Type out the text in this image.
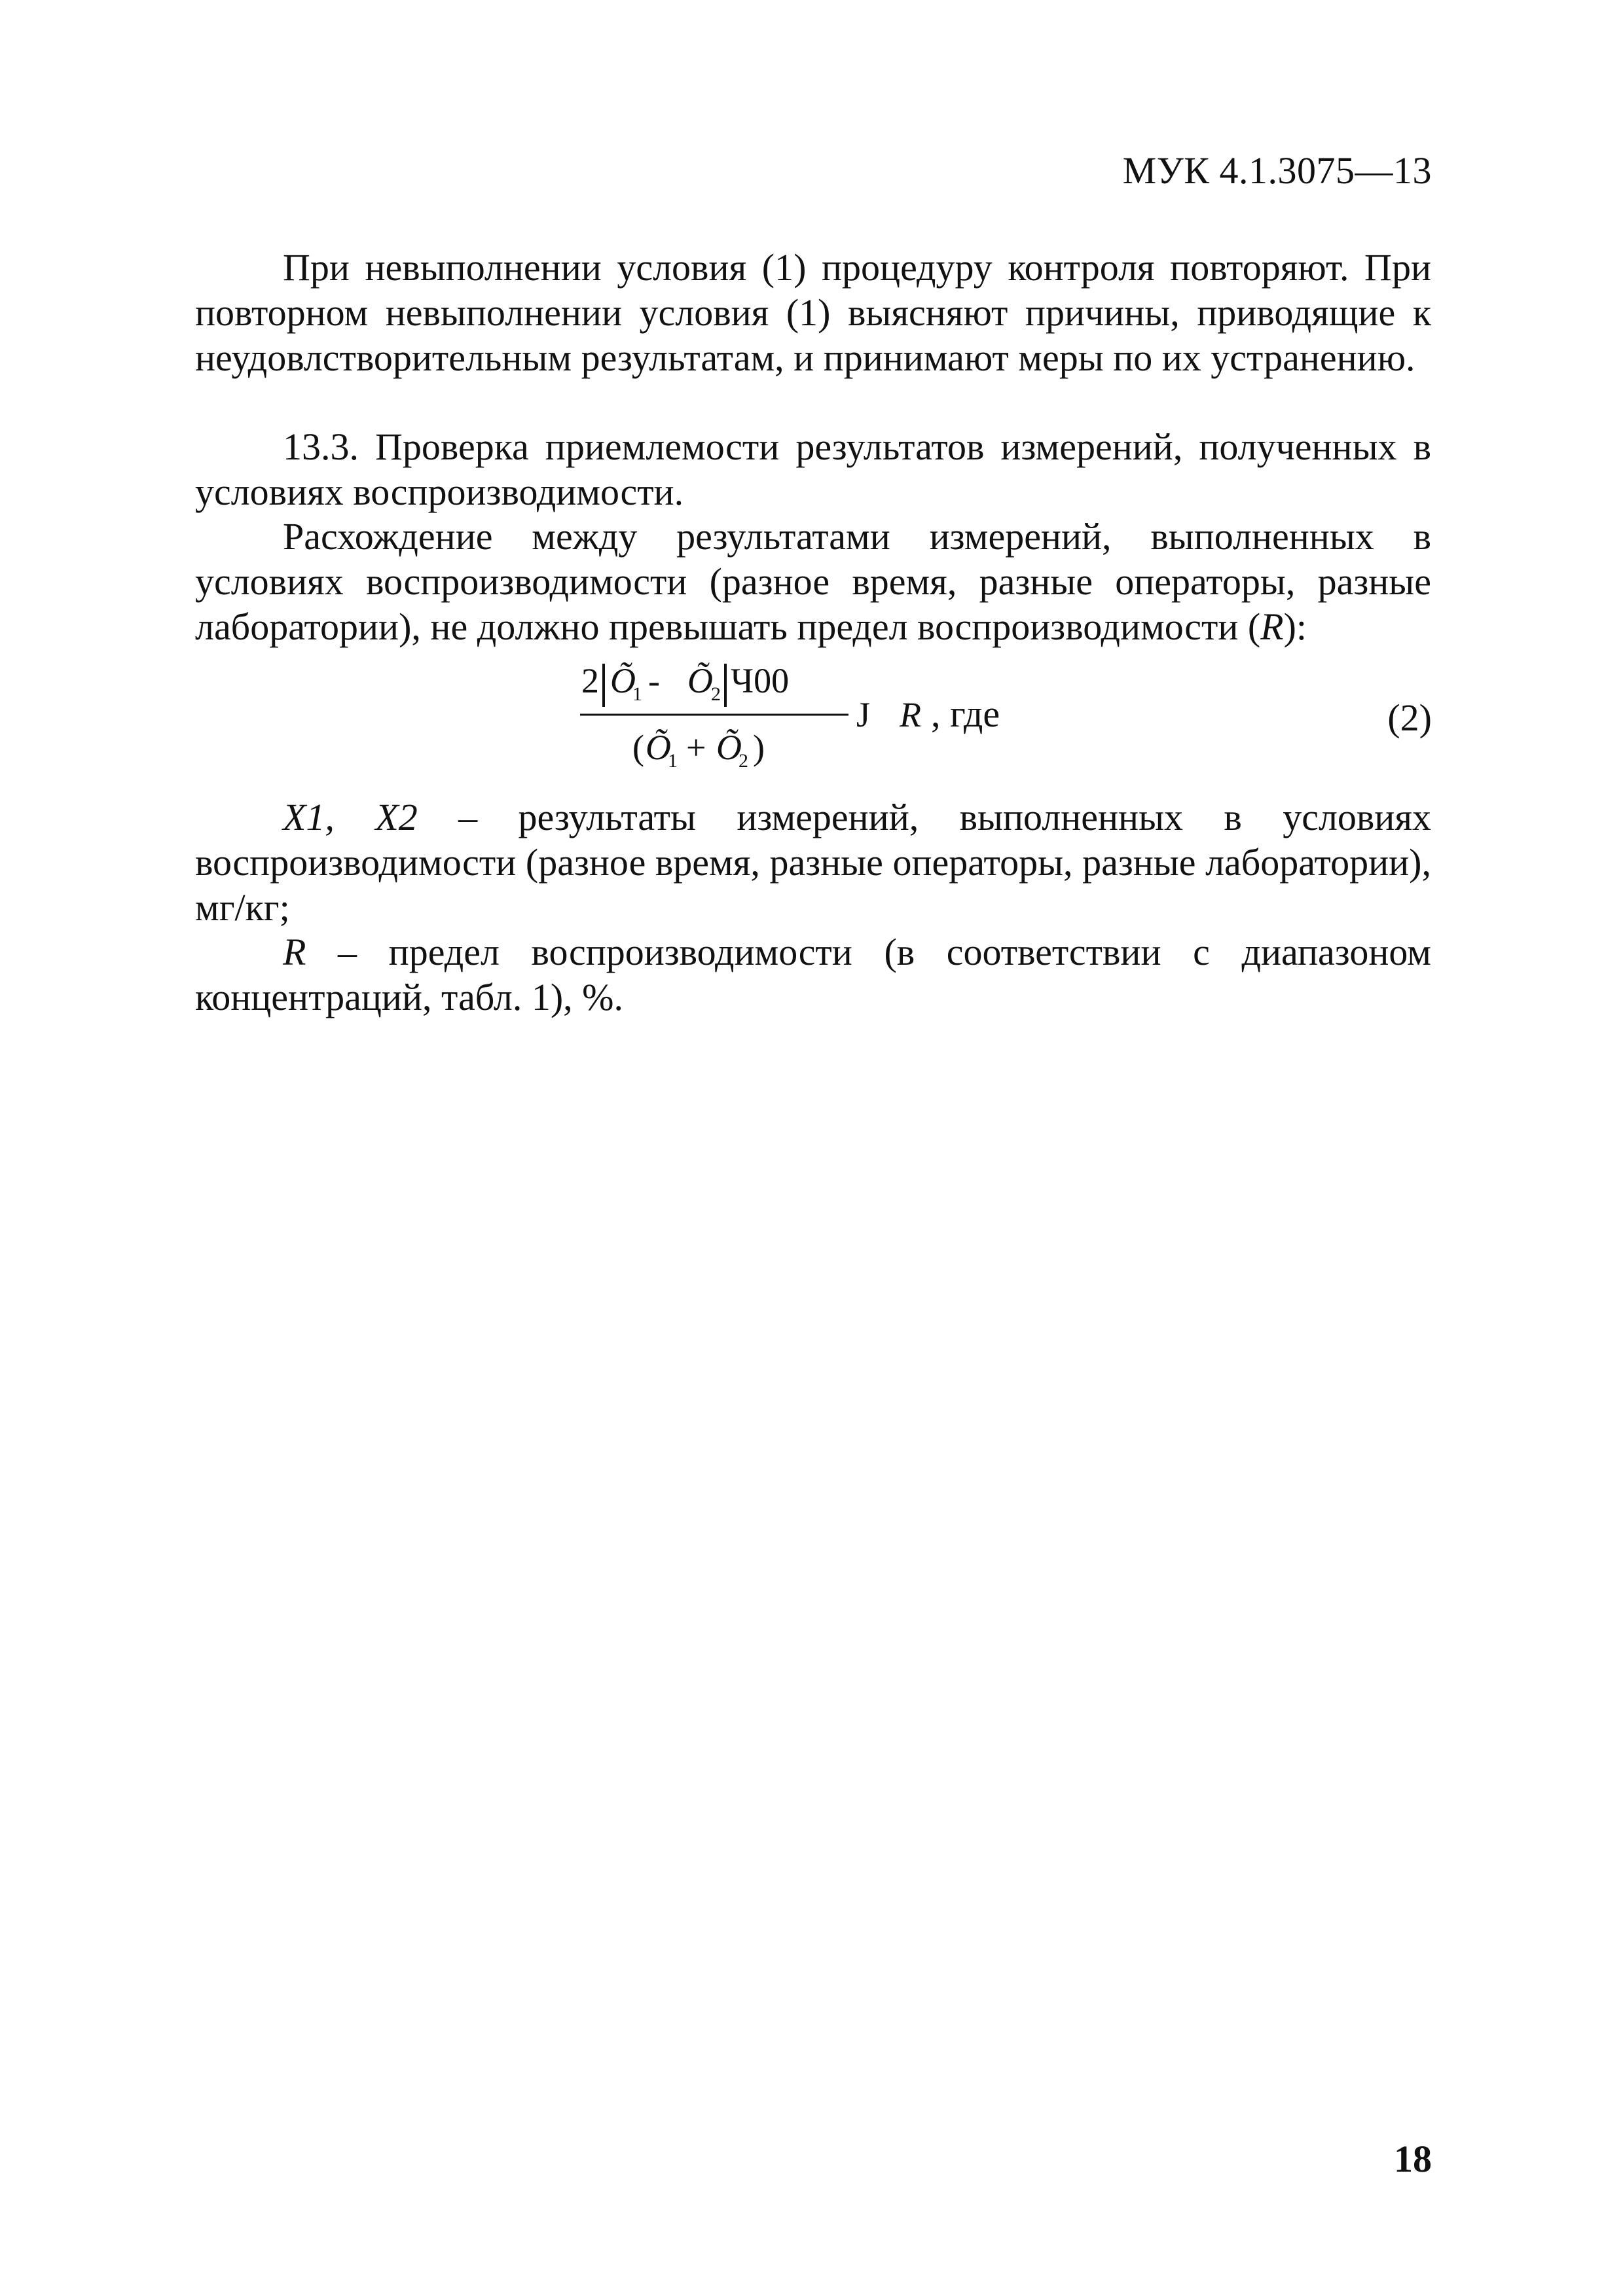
МУК 4.1.3075—13

При невыполнении условия (1) процедуру контроля повторяют. При повторном невыполнении условия (1) выясняют причины, приводящие к неудовлстворительным результатам, и принимают меры по их устранению.

13.3. Проверка приемлемости результатов измерений, полученных в условиях воспроизводимости.

Расхождение между результатами измерений, выполненных в условиях воспроизводимости (разное время, разные операторы, разные лаборатории), не должно превышать предел воспроизводимости (R):

2 Õ
1 - Õ
2 Ч00
( Õ
1 + Õ
2 )
J R , где	(2)

X1, X2 – результаты измерений, выполненных в условиях воспроизводимости (разное время, разные операторы, разные лаборатории), мг/кг;

R – предел воспроизводимости (в соответствии с диапазоном концентраций, табл. 1), %.

18
